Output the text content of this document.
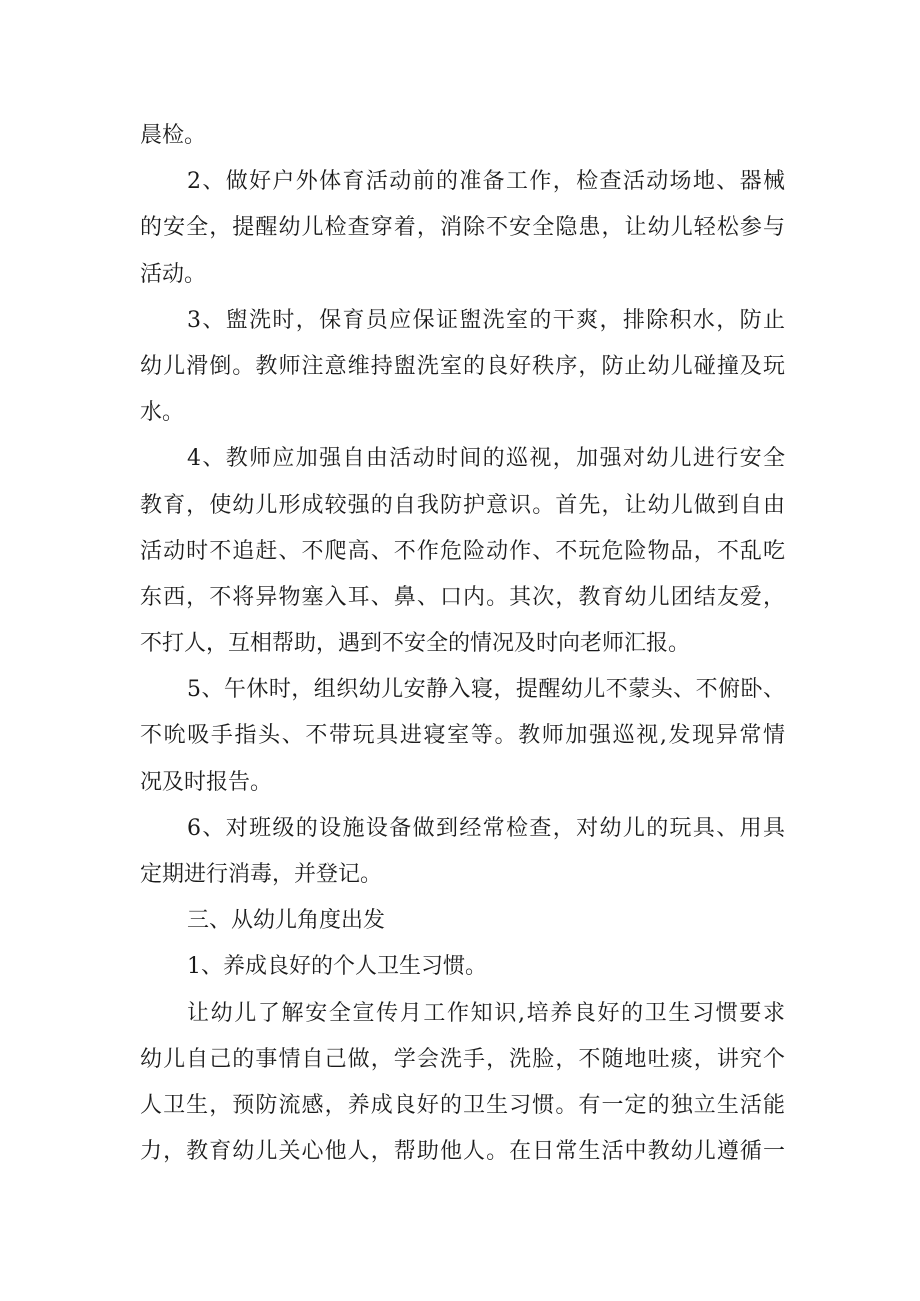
晨检。
2、做好户外体育活动前的准备工作，检查活动场地、器械
的安全，提醒幼儿检查穿着，消除不安全隐患，让幼儿轻松参与
活动。
3、盥洗时，保育员应保证盥洗室的干爽，排除积水，防止
幼儿滑倒。教师注意维持盥洗室的良好秩序，防止幼儿碰撞及玩
水。
4、教师应加强自由活动时间的巡视，加强对幼儿进行安全
教育，使幼儿形成较强的自我防护意识。首先，让幼儿做到自由
活动时不追赶、不爬高、不作危险动作、不玩危险物品，不乱吃
东西，不将异物塞入耳、鼻、口内。其次，教育幼儿团结友爱，
不打人，互相帮助，遇到不安全的情况及时向老师汇报。
5、午休时，组织幼儿安静入寝，提醒幼儿不蒙头、不俯卧、
不吮吸手指头、不带玩具进寝室等。教师加强巡视,发现异常情
况及时报告。
6、对班级的设施设备做到经常检查，对幼儿的玩具、用具
定期进行消毒，并登记。
三、从幼儿角度出发
1、养成良好的个人卫生习惯。
让幼儿了解安全宣传月工作知识,培养良好的卫生习惯要求
幼儿自己的事情自己做，学会洗手，洗脸，不随地吐痰，讲究个
人卫生，预防流感，养成良好的卫生习惯。有一定的独立生活能
力，教育幼儿关心他人，帮助他人。在日常生活中教幼儿遵循一
